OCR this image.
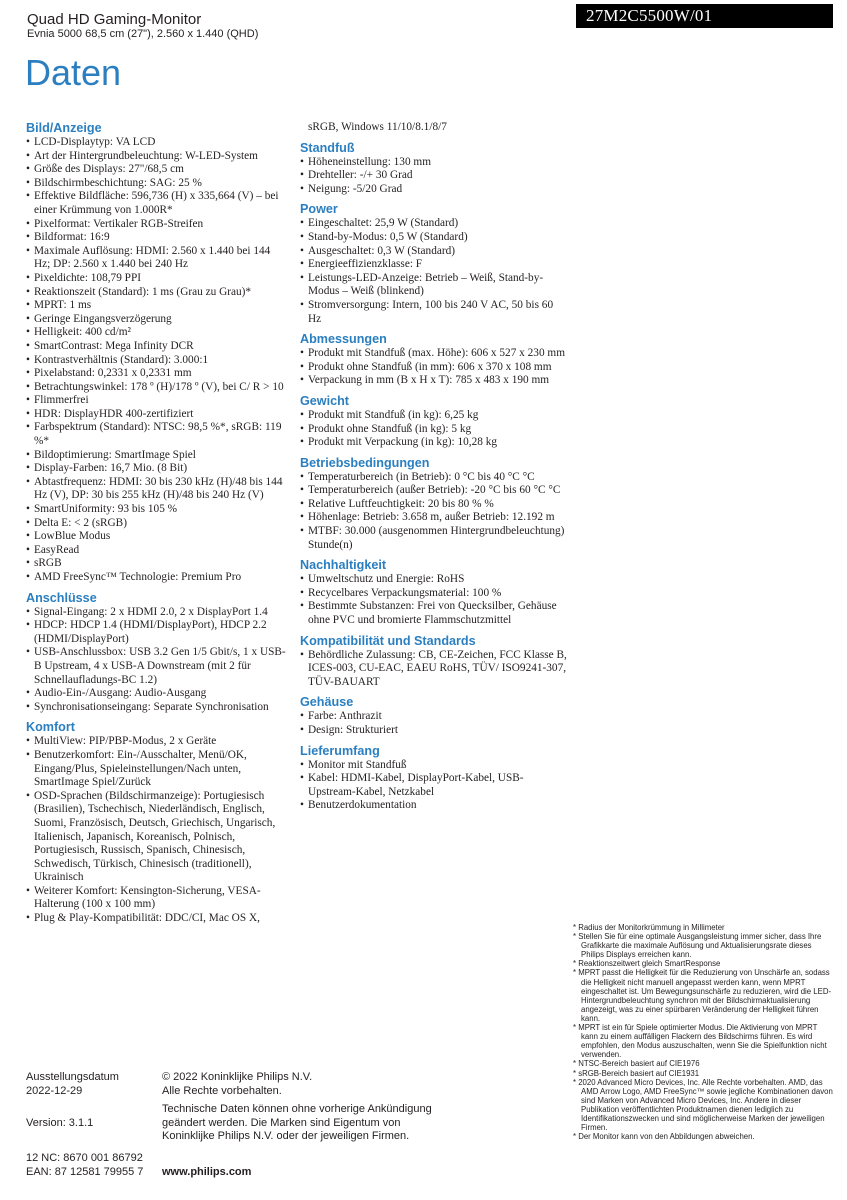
Quad HD Gaming-Monitor
Evnia 5000 68,5 cm (27"), 2.560 x 1.440 (QHD)
27M2C5500W/01
Daten
Bild/Anzeige
• LCD-Displaytyp: VA LCD
• Art der Hintergrundbeleuchtung: W-LED-System
• Größe des Displays: 27"/68,5 cm
• Bildschirmbeschichtung: SAG: 25 %
• Effektive Bildfläche: 596,736 (H) x 335,664 (V) – bei einer Krümmung von 1.000R*
• Pixelformat: Vertikaler RGB-Streifen
• Bildformat: 16:9
• Maximale Auflösung: HDMI: 2.560 x 1.440 bei 144 Hz; DP: 2.560 x 1.440 bei 240 Hz
• Pixeldichte: 108,79 PPI
• Reaktionszeit (Standard): 1 ms (Grau zu Grau)*
• MPRT: 1 ms
• Geringe Eingangsverzögerung
• Helligkeit: 400 cd/m²
• SmartContrast: Mega Infinity DCR
• Kontrastverhältnis (Standard): 3.000:1
• Pixelabstand: 0,2331 x 0,2331 mm
• Betrachtungswinkel: 178 º (H)/178 º (V), bei C/ R > 10
• Flimmerfrei
• HDR: DisplayHDR 400-zertifiziert
• Farbspektrum (Standard): NTSC: 98,5 %*, sRGB: 119 %*
• Bildoptimierung: SmartImage Spiel
• Display-Farben: 16,7 Mio. (8 Bit)
• Abtastfrequenz: HDMI: 30 bis 230 kHz (H)/48 bis 144 Hz (V), DP: 30 bis 255 kHz (H)/48 bis 240 Hz (V)
• SmartUniformity: 93 bis 105 %
• Delta E: < 2 (sRGB)
• LowBlue Modus
• EasyRead
• sRGB
• AMD FreeSync™ Technologie: Premium Pro
Anschlüsse
• Signal-Eingang: 2 x HDMI 2.0, 2 x DisplayPort 1.4
• HDCP: HDCP 1.4 (HDMI/DisplayPort), HDCP 2.2 (HDMI/DisplayPort)
• USB-Anschlussbox: USB 3.2 Gen 1/5 Gbit/s, 1 x USB-B Upstream, 4 x USB-A Downstream (mit 2 für Schnellaufladungs-BC 1.2)
• Audio-Ein-/Ausgang: Audio-Ausgang
• Synchronisationseingang: Separate Synchronisation
Komfort
• MultiView: PIP/PBP-Modus, 2 x Geräte
• Benutzerkomfort: Ein-/Ausschalter, Menü/OK, Eingang/Plus, Spieleinstellungen/Nach unten, SmartImage Spiel/Zurück
• OSD-Sprachen (Bildschirmanzeige): Portugiesisch (Brasilien), Tschechisch, Niederländisch, Englisch, Suomi, Französisch, Deutsch, Griechisch, Ungarisch, Italienisch, Japanisch, Koreanisch, Polnisch, Portugiesisch, Russisch, Spanisch, Chinesisch, Schwedisch, Türkisch, Chinesisch (traditionell), Ukrainisch
• Weiterer Komfort: Kensington-Sicherung, VESA-Halterung (100 x 100 mm)
• Plug & Play-Kompatibilität: DDC/CI, Mac OS X,
sRGB, Windows 11/10/8.1/8/7
Standfuß
• Höheneinstellung: 130 mm
• Drehteller: -/+ 30 Grad
• Neigung: -5/20 Grad
Power
• Eingeschaltet: 25,9 W (Standard)
• Stand-by-Modus: 0,5 W (Standard)
• Ausgeschaltet: 0,3 W (Standard)
• Energieeffizienzklasse: F
• Leistungs-LED-Anzeige: Betrieb – Weiß, Stand-by-Modus – Weiß (blinkend)
• Stromversorgung: Intern, 100 bis 240 V AC, 50 bis 60 Hz
Abmessungen
• Produkt mit Standfuß (max. Höhe): 606 x 527 x 230 mm
• Produkt ohne Standfuß (in mm): 606 x 370 x 108 mm
• Verpackung in mm (B x H x T): 785 x 483 x 190 mm
Gewicht
• Produkt mit Standfuß (in kg): 6,25 kg
• Produkt ohne Standfuß (in kg): 5 kg
• Produkt mit Verpackung (in kg): 10,28 kg
Betriebsbedingungen
• Temperaturbereich (in Betrieb): 0 °C bis 40 °C °C
• Temperaturbereich (außer Betrieb): -20 °C bis 60 °C °C
• Relative Luftfeuchtigkeit: 20 bis 80 % %
• Höhenlage: Betrieb: 3.658 m, außer Betrieb: 12.192 m
• MTBF: 30.000 (ausgenommen Hintergrundbeleuchtung) Stunde(n)
Nachhaltigkeit
• Umweltschutz und Energie: RoHS
• Recycelbares Verpackungsmaterial: 100 %
• Bestimmte Substanzen: Frei von Quecksilber, Gehäuse ohne PVC und bromierte Flammschutzmittel
Kompatibilität und Standards
• Behördliche Zulassung: CB, CE-Zeichen, FCC Klasse B, ICES-003, CU-EAC, EAEU RoHS, TÜV/ ISO9241-307, TÜV-BAUART
Gehäuse
• Farbe: Anthrazit
• Design: Strukturiert
Lieferumfang
• Monitor mit Standfuß
• Kabel: HDMI-Kabel, DisplayPort-Kabel, USB-Upstream-Kabel, Netzkabel
• Benutzerdokumentation
* Radius der Monitorkrümmung in Millimeter
* Stellen Sie für eine optimale Ausgangsleistung immer sicher, dass Ihre Grafikkarte die maximale Auflösung und Aktualisierungsrate dieses Philips Displays erreichen kann.
* Reaktionszeitwert gleich SmartResponse
* MPRT passt die Helligkeit für die Reduzierung von Unschärfe an, sodass die Helligkeit nicht manuell angepasst werden kann, wenn MPRT eingeschaltet ist. Um Bewegungsunschärfe zu reduzieren, wird die LED-Hintergrundbeleuchtung synchron mit der Bildschirmaktualisierung angezeigt, was zu einer spürbaren Veränderung der Helligkeit führen kann.
* MPRT ist ein für Spiele optimierter Modus. Die Aktivierung von MPRT kann zu einem auffälligen Flackern des Bildschirms führen. Es wird empfohlen, den Modus auszuschalten, wenn Sie die Spielfunktion nicht verwenden.
* NTSC-Bereich basiert auf CIE1976
* sRGB-Bereich basiert auf CIE1931
* 2020 Advanced Micro Devices, Inc. Alle Rechte vorbehalten. AMD, das AMD Arrow Logo, AMD FreeSync™ sowie jegliche Kombinationen davon sind Marken von Advanced Micro Devices, Inc. Andere in dieser Publikation veröffentlichten Produktnamen dienen lediglich zu Identifikationszwecken und sind möglicherweise Marken der jeweiligen Firmen.
* Der Monitor kann von den Abbildungen abweichen.
Ausstellungsdatum
2022-12-29
Version: 3.1.1
12 NC: 8670 001 86792
EAN: 87 12581 79955 7
© 2022 Koninklijke Philips N.V.
Alle Rechte vorbehalten.
Technische Daten können ohne vorherige Ankündigung geändert werden. Die Marken sind Eigentum von Koninklijke Philips N.V. oder der jeweiligen Firmen.
www.philips.com
